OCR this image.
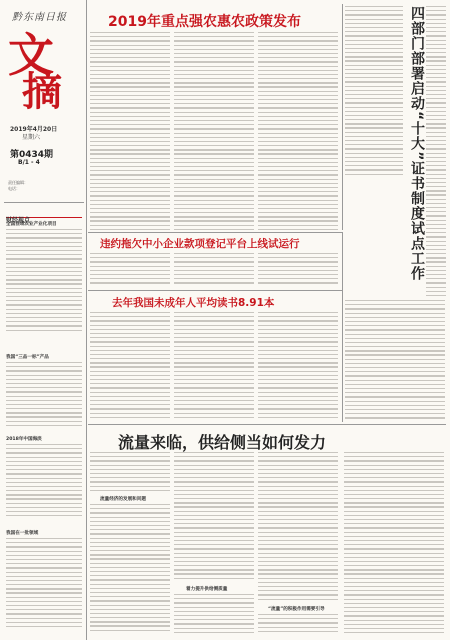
黔东南日报
文
摘
2019年4月20日
星期六
第0434期
B/1 - 4
责任编辑：
电话：
财经视点
全国县域农业产业化项目
我国“三品一标”产品
2018年中国海淡
我国在一批领域
2019年重点强农惠农政策发布	四部门部署启动“十大”证书制度试点工作
违约拖欠中小企业款项登记平台上线试运行
去年我国未成年人平均读书8.91本
流量来临，供给侧当如何发力
流量经济的发展和问题
着力提升供给侧质量
“流量”的积极作用需要引导
